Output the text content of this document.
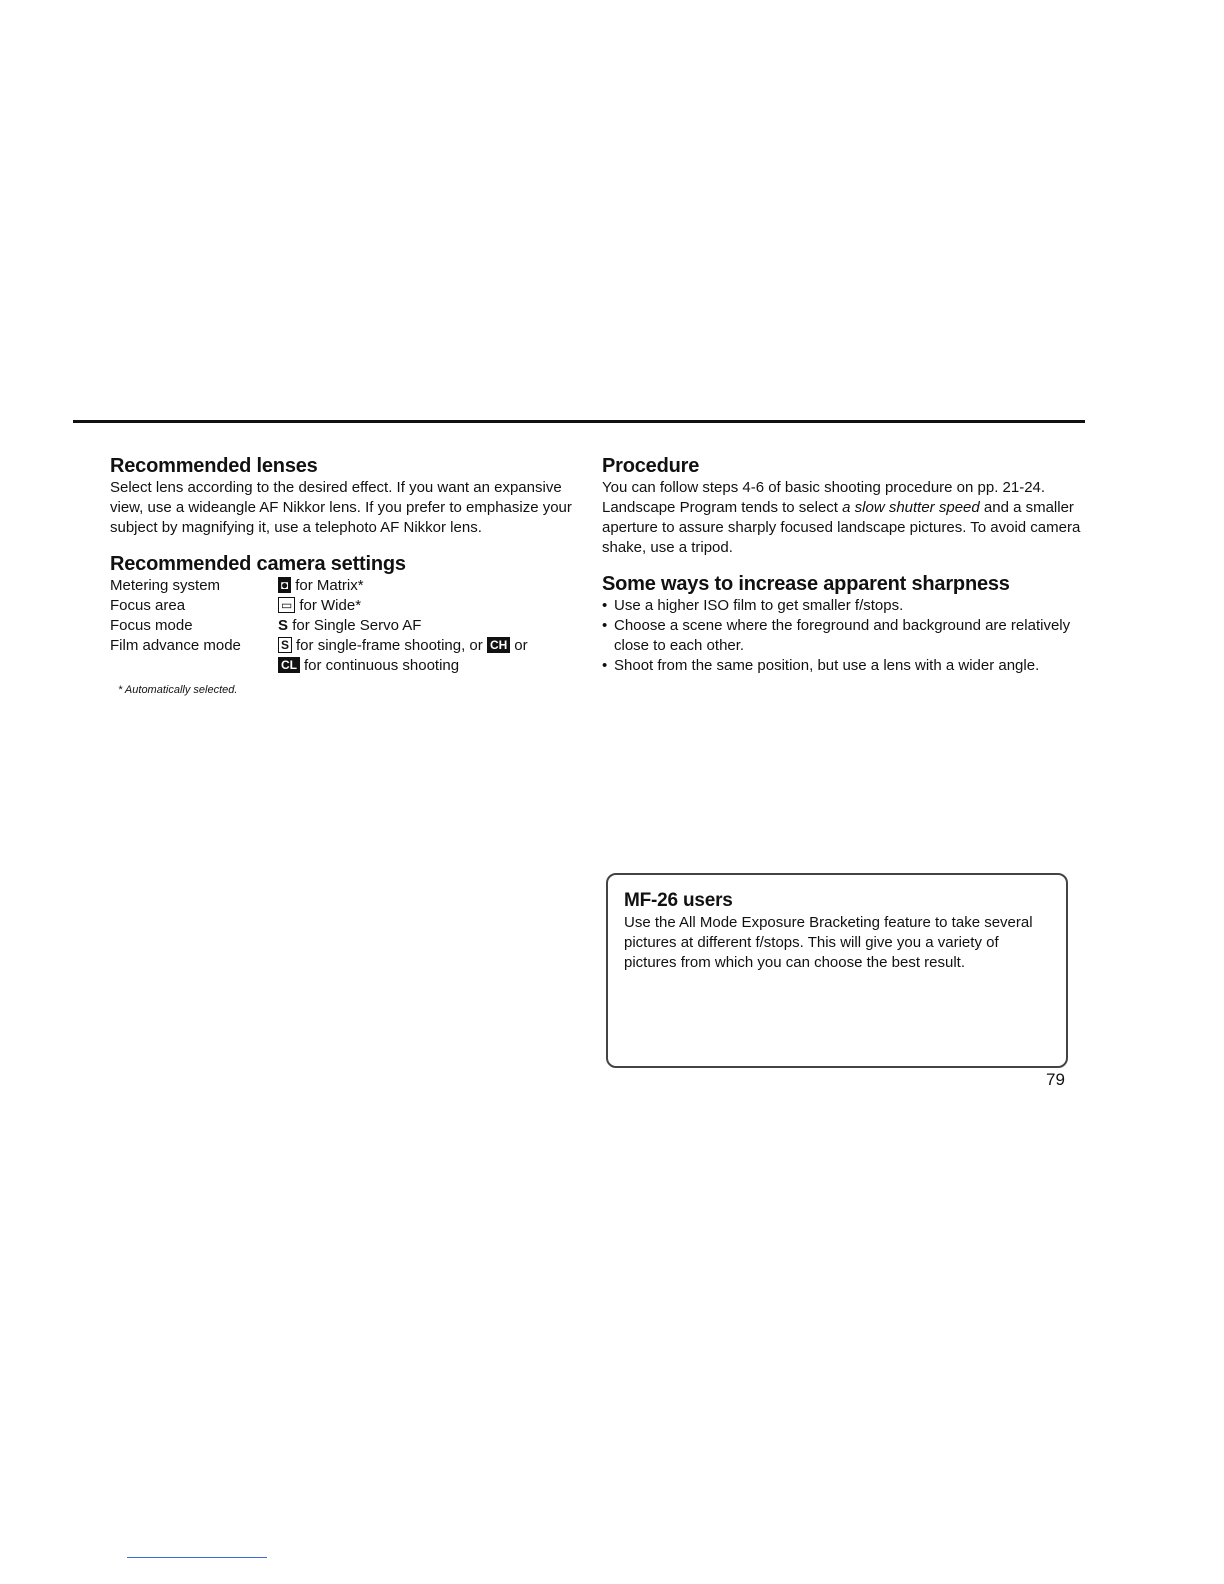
Recommended lenses

Select lens according to the desired effect. If you want an expansive view, use a wideangle AF Nikkor lens. If you prefer to emphasize your subject by magnifying it, use a telephoto AF Nikkor lens.

Recommended camera settings
Metering system	◘ for Matrix*
Focus area	▭ for Wide*
Focus mode	S for Single Servo AF
Film advance mode	S for single-frame shooting, or CH or
CL for continuous shooting
* Automatically selected.
Procedure

You can follow steps 4-6 of basic shooting procedure on pp. 21-24.

Landscape Program tends to select a slow shutter speed and a smaller aperture to assure sharply focused landscape pictures. To avoid camera shake, use a tripod.

Some ways to increase apparent sharpness
• Use a higher ISO film to get smaller f/stops.
• Choose a scene where the foreground and background are relatively close to each other.
• Shoot from the same position, but use a lens with a wider angle.
MF-26 users

Use the All Mode Exposure Bracketing feature to take several pictures at different f/stops. This will give you a variety of pictures from which you can choose the best result.

79
